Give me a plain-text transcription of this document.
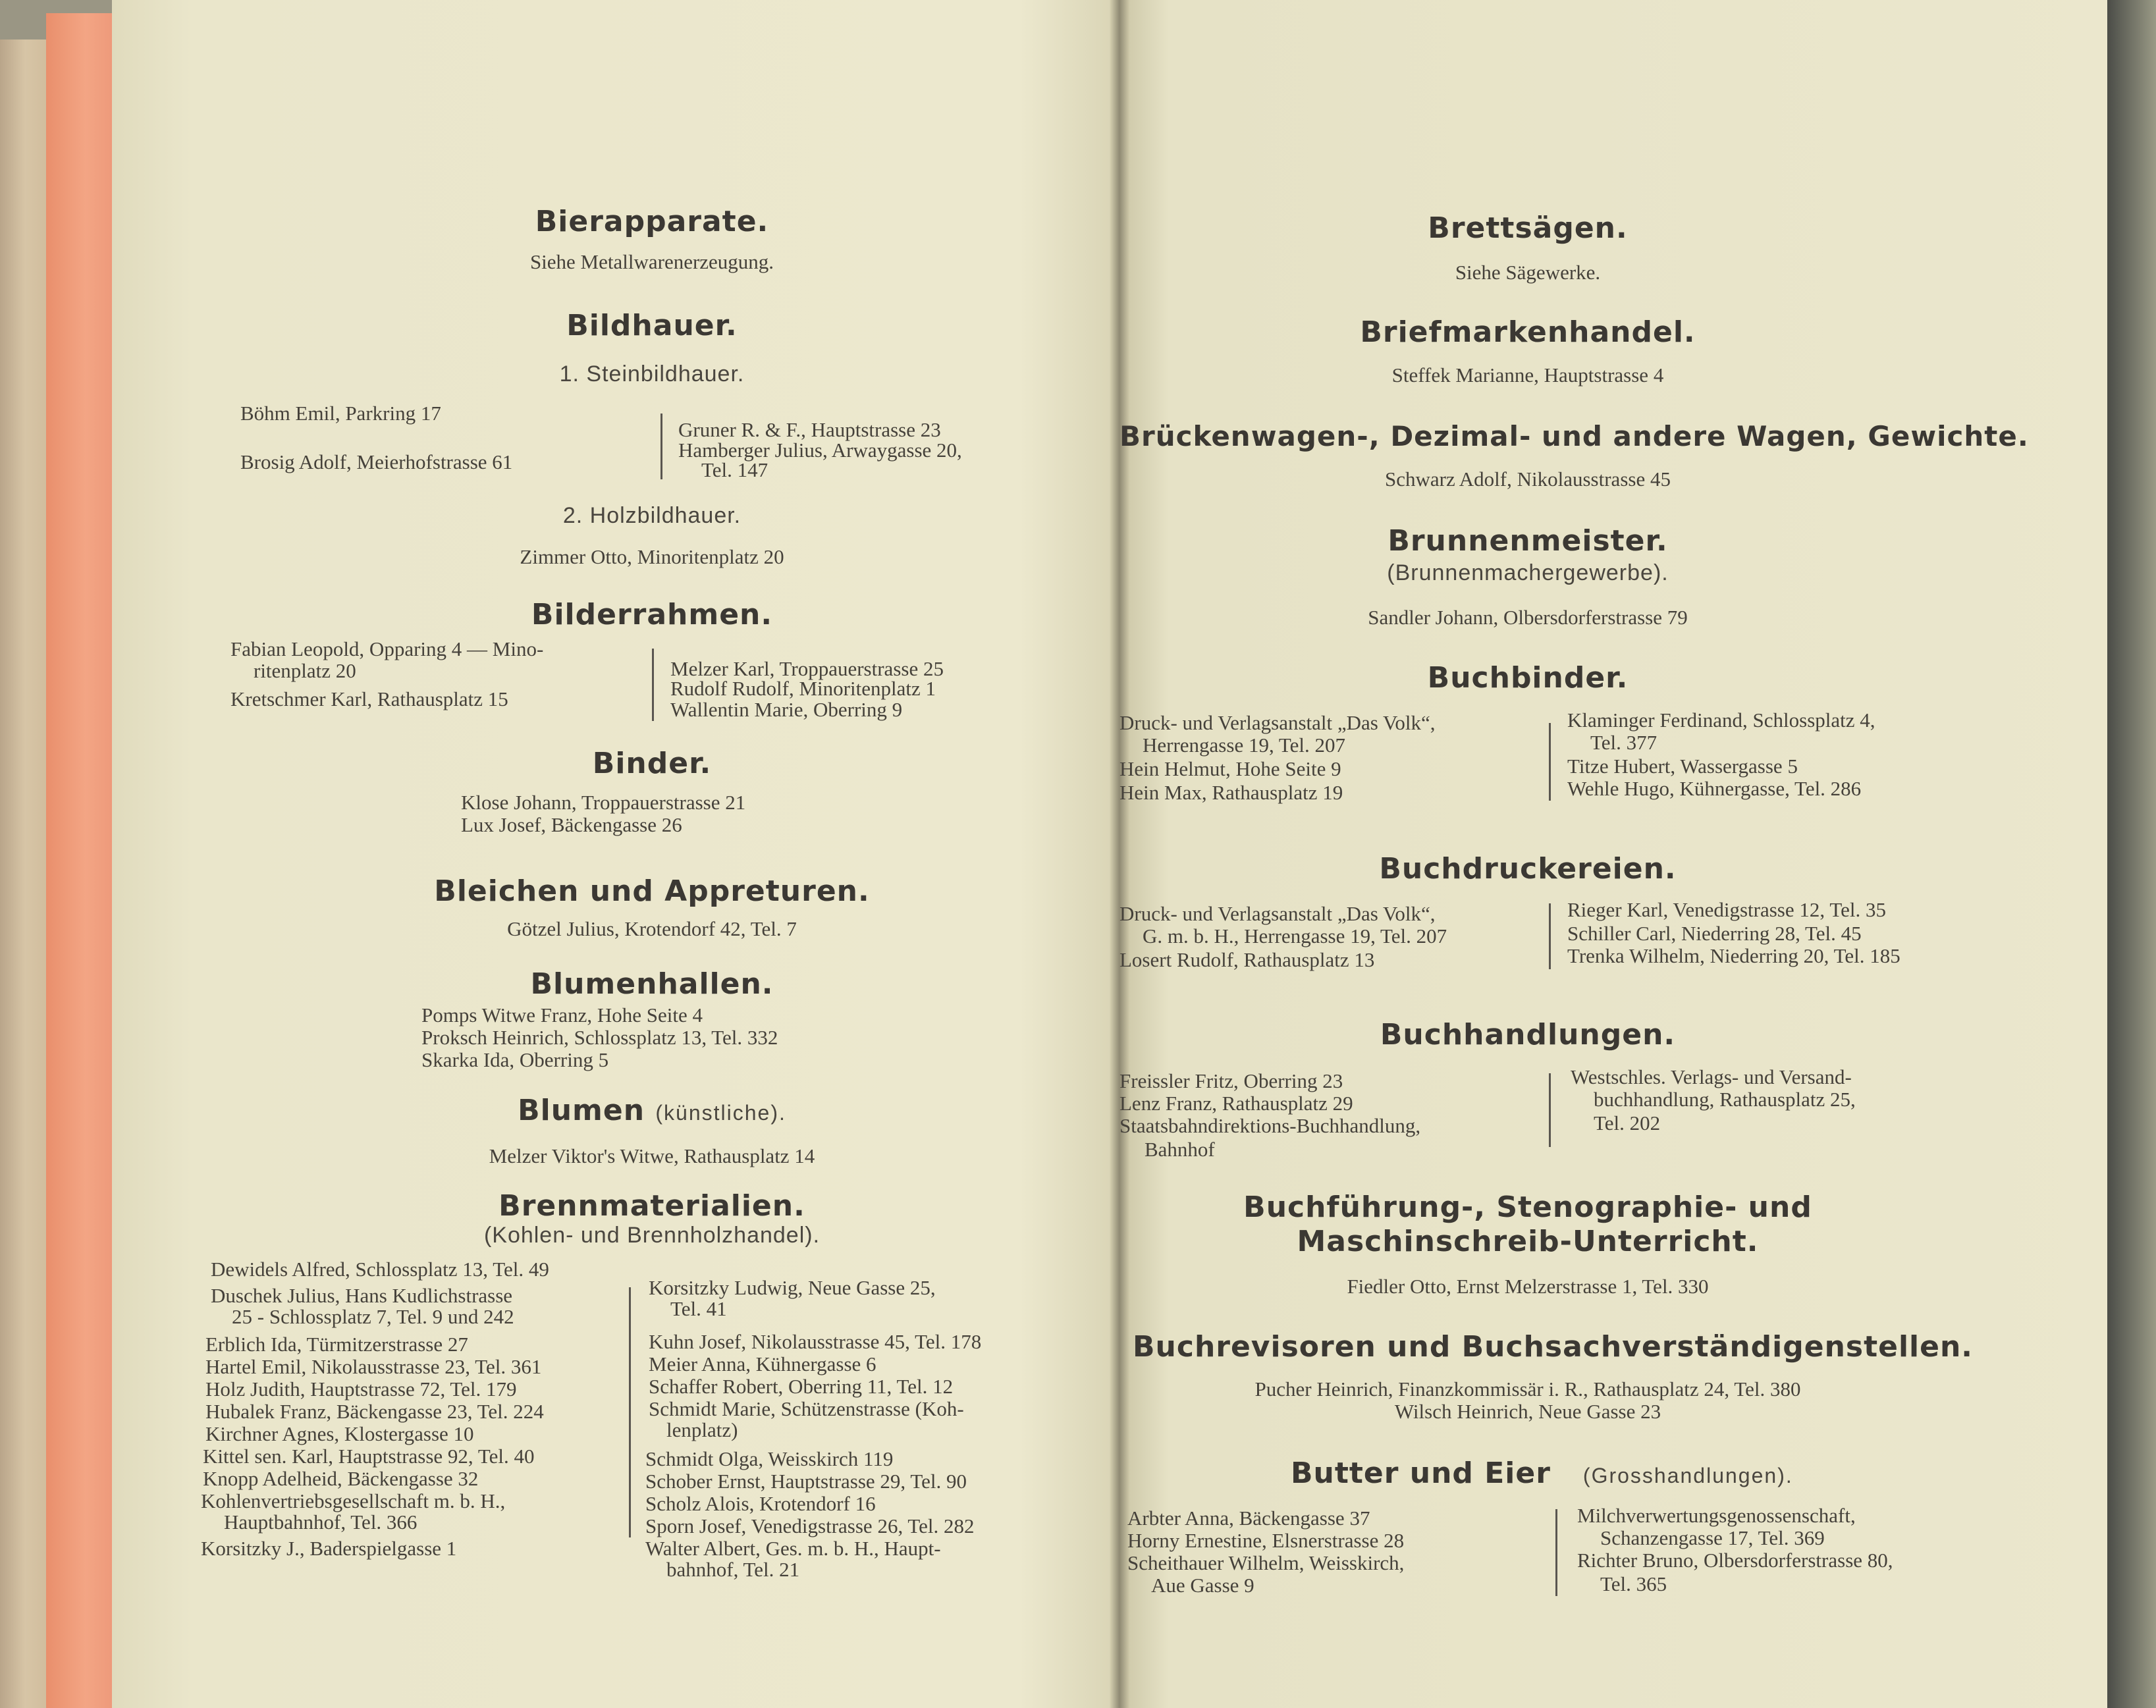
Bierapparate.
Siehe Metallwarenerzeugung.
Bildhauer.
1. Steinbildhauer.
Böhm Emil, Parkring 17
Brosig Adolf, Meierhofstrasse 61
Gruner R. & F., Hauptstrasse 23
Hamberger Julius, Arwaygasse 20,
Tel. 147
2. Holzbildhauer.
Zimmer Otto, Minoritenplatz 20
Bilderrahmen.
Fabian Leopold, Opparing 4 — Mino-
ritenplatz 20
Kretschmer Karl, Rathausplatz 15
Melzer Karl, Troppauerstrasse 25
Rudolf Rudolf, Minoritenplatz 1
Wallentin Marie, Oberring 9
Binder.
Klose Johann, Troppauerstrasse 21
Lux Josef, Bäckengasse 26
Bleichen und Appreturen.
Götzel Julius, Krotendorf 42, Tel. 7
Blumenhallen.
Pomps Witwe Franz, Hohe Seite 4
Proksch Heinrich, Schlossplatz 13, Tel. 332
Skarka Ida, Oberring 5
Blumen (künstliche).
Melzer Viktor's Witwe, Rathausplatz 14
Brennmaterialien.
(Kohlen- und Brennholzhandel).
Dewidels Alfred, Schlossplatz 13, Tel. 49
Duschek Julius, Hans Kudlichstrasse
25 - Schlossplatz 7, Tel. 9 und 242
Erblich Ida, Türmitzerstrasse 27
Hartel Emil, Nikolausstrasse 23, Tel. 361
Holz Judith, Hauptstrasse 72, Tel. 179
Hubalek Franz, Bäckengasse 23, Tel. 224
Kirchner Agnes, Klostergasse 10
Kittel sen. Karl, Hauptstrasse 92, Tel. 40
Knopp Adelheid, Bäckengasse 32
Kohlenvertriebsgesellschaft m. b. H.,
Hauptbahnhof, Tel. 366
Korsitzky J., Baderspielgasse 1
Korsitzky Ludwig, Neue Gasse 25,
Tel. 41
Kuhn Josef, Nikolausstrasse 45, Tel. 178
Meier Anna, Kühnergasse 6
Schaffer Robert, Oberring 11, Tel. 12
Schmidt Marie, Schützenstrasse (Koh-
lenplatz)
Schmidt Olga, Weisskirch 119
Schober Ernst, Hauptstrasse 29, Tel. 90
Scholz Alois, Krotendorf 16
Sporn Josef, Venedigstrasse 26, Tel. 282
Walter Albert, Ges. m. b. H., Haupt-
bahnhof, Tel. 21
Brettsägen.
Siehe Sägewerke.
Briefmarkenhandel.
Steffek Marianne, Hauptstrasse 4
Brückenwagen-, Dezimal- und andere Wagen, Gewichte.
Schwarz Adolf, Nikolausstrasse 45
Brunnenmeister.
(Brunnenmachergewerbe).
Sandler Johann, Olbersdorferstrasse 79
Buchbinder.
Druck- und Verlagsanstalt „Das Volk“,
Herrengasse 19, Tel. 207
Hein Helmut, Hohe Seite 9
Hein Max, Rathausplatz 19
Klaminger Ferdinand, Schlossplatz 4,
Tel. 377
Titze Hubert, Wassergasse 5
Wehle Hugo, Kühnergasse, Tel. 286
Buchdruckereien.
Druck- und Verlagsanstalt „Das Volk“,
G. m. b. H., Herrengasse 19, Tel. 207
Losert Rudolf, Rathausplatz 13
Rieger Karl, Venedigstrasse 12, Tel. 35
Schiller Carl, Niederring 28, Tel. 45
Trenka Wilhelm, Niederring 20, Tel. 185
Buchhandlungen.
Freissler Fritz, Oberring 23
Lenz Franz, Rathausplatz 29
Staatsbahndirektions-Buchhandlung,
Bahnhof
Westschles. Verlags- und Versand-
buchhandlung, Rathausplatz 25,
Tel. 202
Buchführung-, Stenographie- und
Maschinschreib-Unterricht.
Fiedler Otto, Ernst Melzerstrasse 1, Tel. 330
Buchrevisoren und Buchsachverständigenstellen.
Pucher Heinrich, Finanzkommissär i. R., Rathausplatz 24, Tel. 380
Wilsch Heinrich, Neue Gasse 23
Butter und Eier (Grosshandlungen).
Arbter Anna, Bäckengasse 37
Horny Ernestine, Elsnerstrasse 28
Scheithauer Wilhelm, Weisskirch,
Aue Gasse 9
Milchverwertungsgenossenschaft,
Schanzengasse 17, Tel. 369
Richter Bruno, Olbersdorferstrasse 80,
Tel. 365
